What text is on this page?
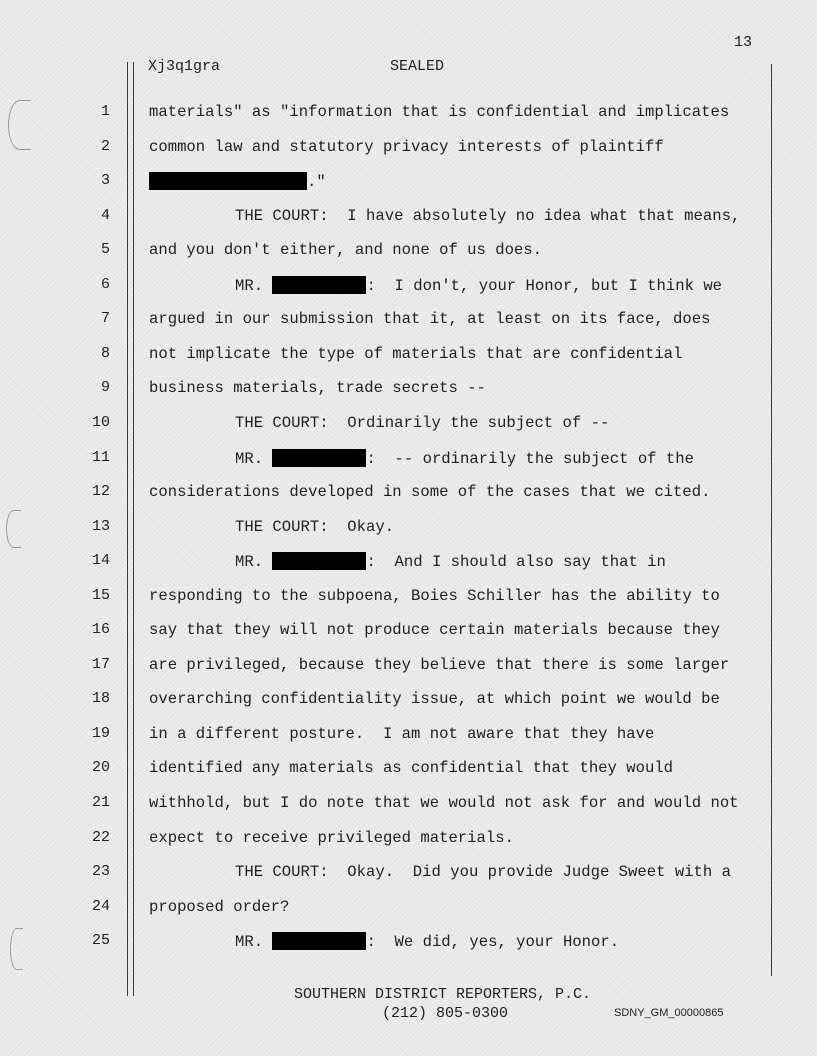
13
Xj3q1gra	SEALED
1	materials" as "information that is confidential and implicates
2	common law and statutory privacy interests of plaintiff
3	."
4	THE COURT:  I have absolutely no idea what that means,
5	and you don't either, and none of us does.
6	MR.	:  I don't, your Honor, but I think we
7	argued in our submission that it, at least on its face, does
8	not implicate the type of materials that are confidential
9	business materials, trade secrets --
10	THE COURT:  Ordinarily the subject of --
11	MR.	:  -- ordinarily the subject of the
12	considerations developed in some of the cases that we cited.
13	THE COURT:  Okay.
14	MR.	:  And I should also say that in
15	responding to the subpoena, Boies Schiller has the ability to
16	say that they will not produce certain materials because they
17	are privileged, because they believe that there is some larger
18	overarching confidentiality issue, at which point we would be
19	in a different posture.  I am not aware that they have
20	identified any materials as confidential that they would
21	withhold, but I do note that we would not ask for and would not
22	expect to receive privileged materials.
23	THE COURT:  Okay.  Did you provide Judge Sweet with a
24	proposed order?
25	MR.	:  We did, yes, your Honor.
SOUTHERN DISTRICT REPORTERS, P.C.
(212) 805-0300	SDNY_GM_00000865
